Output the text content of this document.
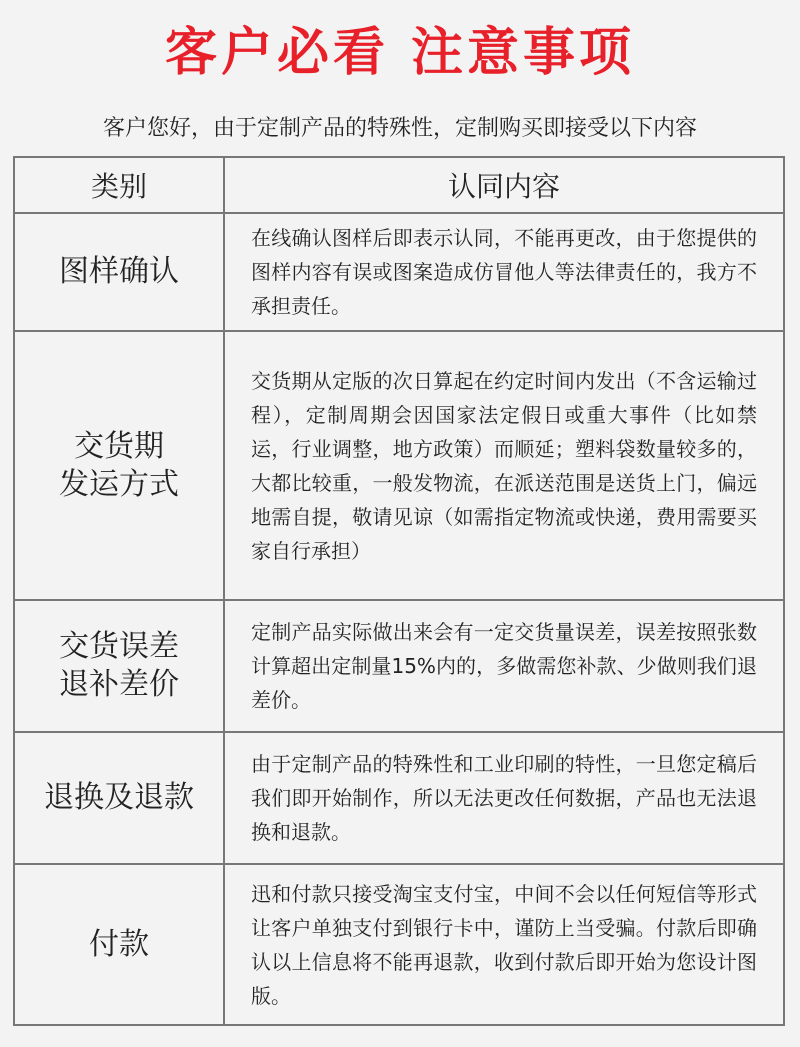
客户必看 注意事项
客户您好，由于定制产品的特殊性，定制购买即接受以下内容
类别	认同内容

图样确认	在线确认图样后即表示认同，不能再更改，由于您提供的图样内容有误或图案造成仿冒他人等法律责任的，我方不承担责任。

交货期
发运方式	交货期从定版的次日算起在约定时间内发出（不含运输过程），定制周期会因国家法定假日或重大事件（比如禁运，行业调整，地方政策）而顺延；塑料袋数量较多的，大都比较重，一般发物流，在派送范围是送货上门，偏远地需自提，敬请见谅（如需指定物流或快递，费用需要买家自行承担）

交货误差
退补差价	定制产品实际做出来会有一定交货量误差，误差按照张数计算超出定制量15%内的，多做需您补款、少做则我们退差价。

退换及退款	由于定制产品的特殊性和工业印刷的特性，一旦您定稿后我们即开始制作，所以无法更改任何数据，产品也无法退换和退款。

付款	迅和付款只接受淘宝支付宝，中间不会以任何短信等形式让客户单独支付到银行卡中，谨防上当受骗。付款后即确认以上信息将不能再退款，收到付款后即开始为您设计图版。
